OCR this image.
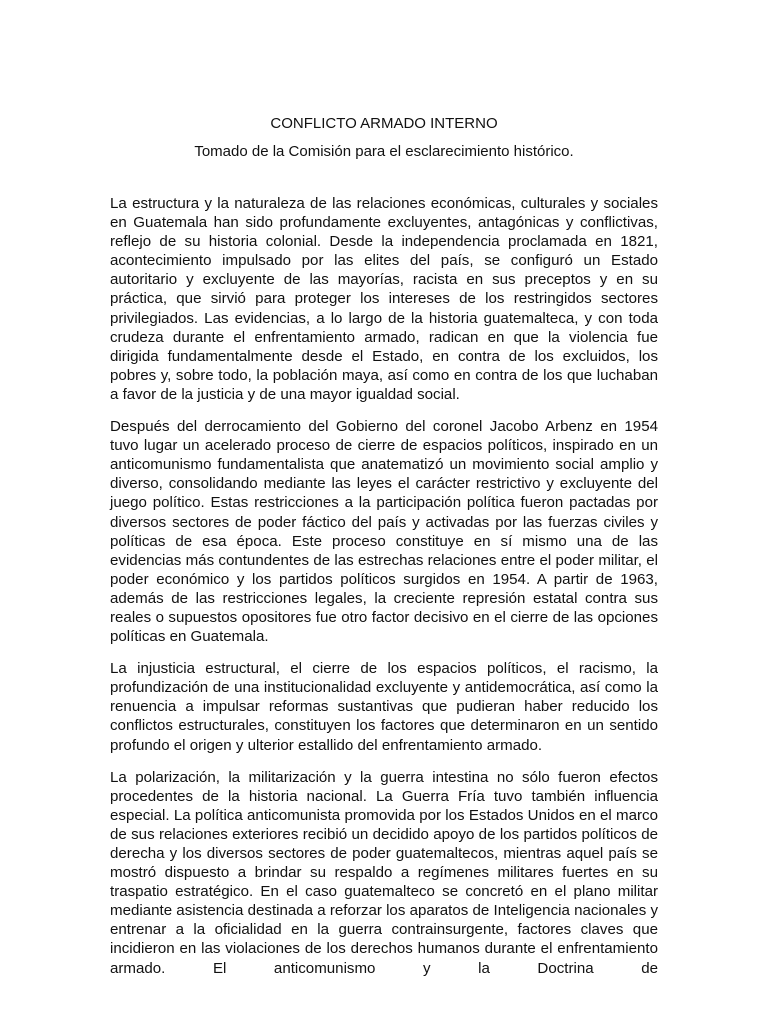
CONFLICTO ARMADO INTERNO

Tomado de la Comisión para el esclarecimiento histórico.

La estructura y la naturaleza de las relaciones económicas, culturales y sociales en Guatemala han sido profundamente excluyentes, antagónicas y conflictivas, reflejo de su historia colonial. Desde la independencia proclamada en 1821, acontecimiento impulsado por las elites del país, se configuró un Estado autoritario y excluyente de las mayorías, racista en sus preceptos y en su práctica, que sirvió para proteger los intereses de los restringidos sectores privilegiados. Las evidencias, a lo largo de la historia guatemalteca, y con toda crudeza durante el enfrentamiento armado, radican en que la violencia fue dirigida fundamentalmente desde el Estado, en contra de los excluidos, los pobres y, sobre todo, la población maya, así como en contra de los que luchaban a favor de la justicia y de una mayor igualdad social.

Después del derrocamiento del Gobierno del coronel Jacobo Arbenz en 1954 tuvo lugar un acelerado proceso de cierre de espacios políticos, inspirado en un anticomunismo fundamentalista que anatematizó un movimiento social amplio y diverso, consolidando mediante las leyes el carácter restrictivo y excluyente del juego político. Estas restricciones a la participación política fueron pactadas por diversos sectores de poder fáctico del país y activadas por las fuerzas civiles y políticas de esa época. Este proceso constituye en sí mismo una de las evidencias más contundentes de las estrechas relaciones entre el poder militar, el poder económico y los partidos políticos surgidos en 1954. A partir de 1963, además de las restricciones legales, la creciente represión estatal contra sus reales o supuestos opositores fue otro factor decisivo en el cierre de las opciones políticas en Guatemala.

La injusticia estructural, el cierre de los espacios políticos, el racismo, la profundización de una institucionalidad excluyente y antidemocrática, así como la renuencia a impulsar reformas sustantivas que pudieran haber reducido los conflictos estructurales, constituyen los factores que determinaron en un sentido profundo el origen y ulterior estallido del enfrentamiento armado.

La polarización, la militarización y la guerra intestina no sólo fueron efectos procedentes de la historia nacional. La Guerra Fría tuvo también influencia especial. La política anticomunista promovida por los Estados Unidos en el marco de sus relaciones exteriores recibió un decidido apoyo de los partidos políticos de derecha y los diversos sectores de poder guatemaltecos, mientras aquel país se mostró dispuesto a brindar su respaldo a regímenes militares fuertes en su traspatio estratégico. En el caso guatemalteco se concretó en el plano militar mediante asistencia destinada a reforzar los aparatos de Inteligencia nacionales y entrenar a la oficialidad en la guerra contrainsurgente, factores claves que incidieron en las violaciones de los derechos humanos durante el enfrentamiento armado. El anticomunismo y la Doctrina de
